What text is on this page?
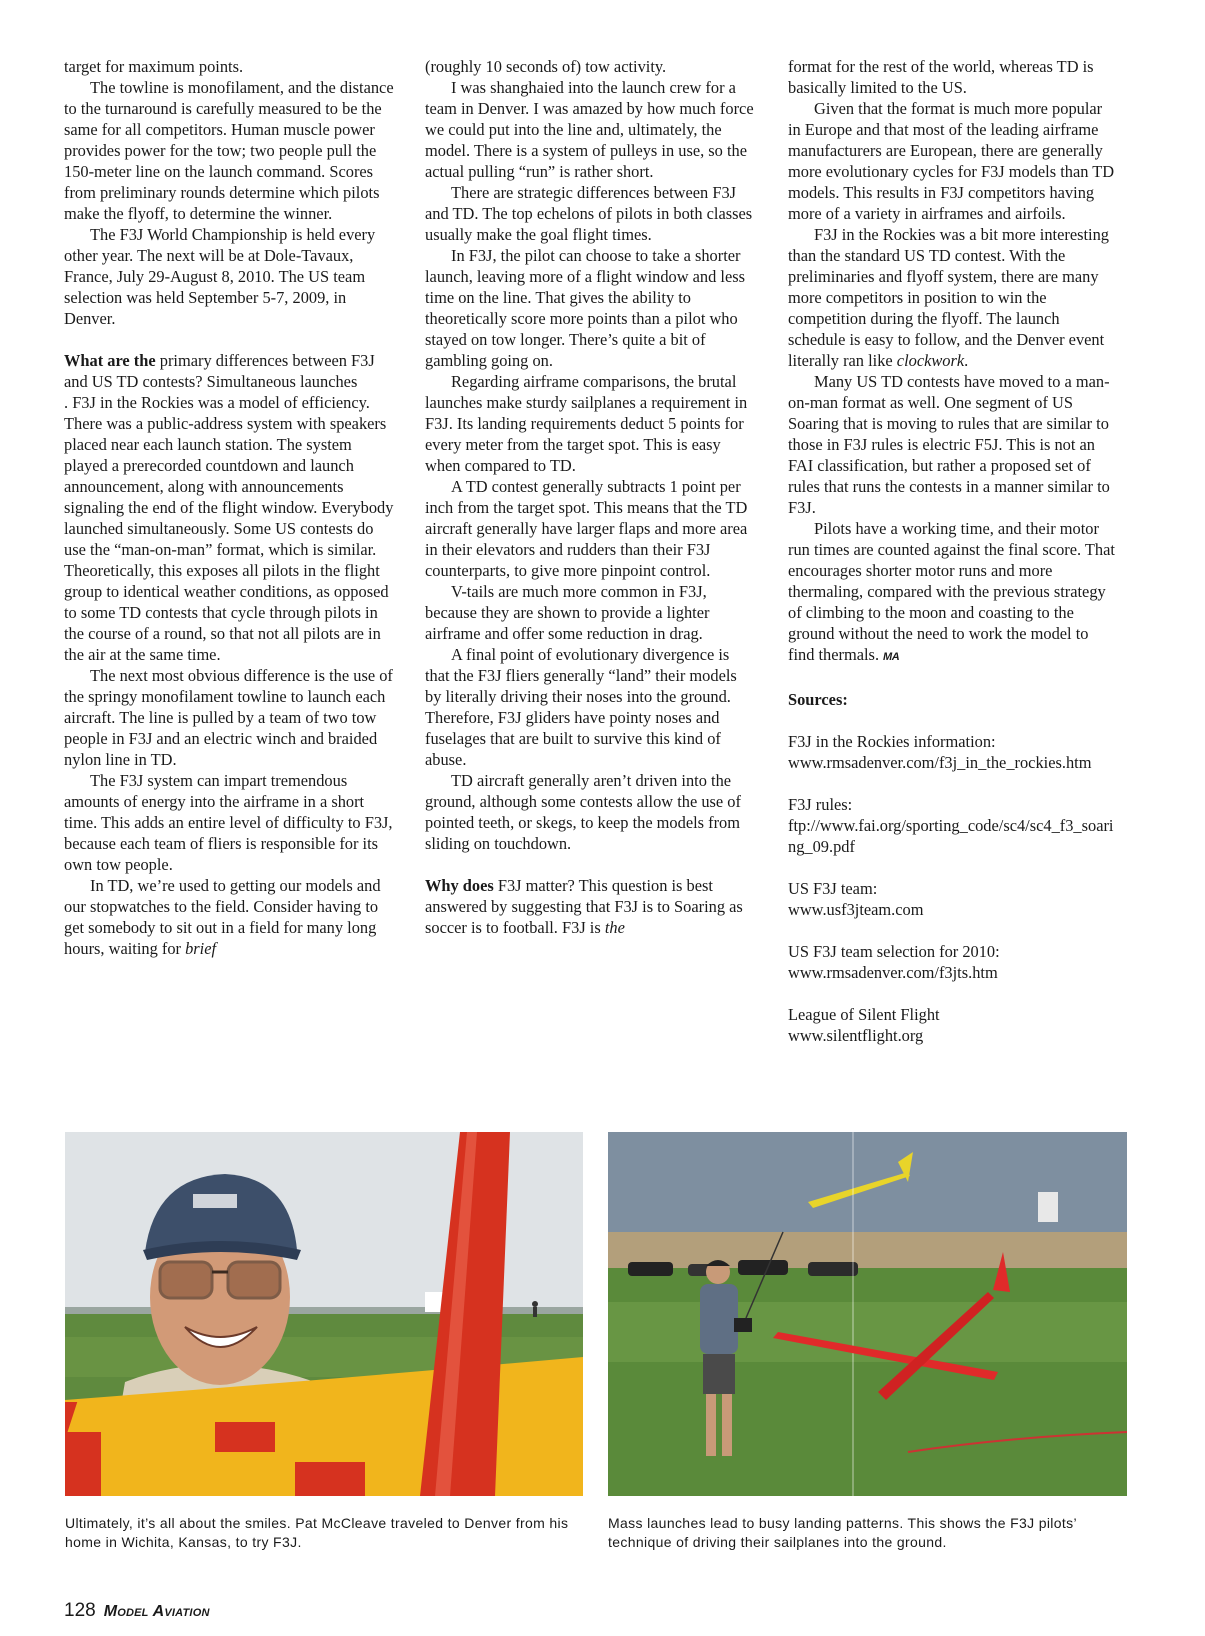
target for maximum points.

The towline is monofilament, and the distance to the turnaround is carefully measured to be the same for all competitors. Human muscle power provides power for the tow; two people pull the 150-meter line on the launch command. Scores from preliminary rounds determine which pilots make the flyoff, to determine the winner.

The F3J World Championship is held every other year. The next will be at Dole-Tavaux, France, July 29-August 8, 2010. The US team selection was held September 5-7, 2009, in Denver.

What are the primary differences between F3J and US TD contests? Simultaneous launches

. F3J in the Rockies was a model of efficiency. There was a public-address system with speakers placed near each launch station. The system played a prerecorded countdown and launch announcement, along with announcements signaling the end of the flight window. Everybody launched simultaneously. Some US contests do use the “man-on-man” format, which is similar. Theoretically, this exposes all pilots in the flight group to identical weather conditions, as opposed to some TD contests that cycle through pilots in the course of a round, so that not all pilots are in the air at the same time.

The next most obvious difference is the use of the springy monofilament towline to launch each aircraft. The line is pulled by a team of two tow people in F3J and an electric winch and braided nylon line in TD.

The F3J system can impart tremendous amounts of energy into the airframe in a short time. This adds an entire level of difficulty to F3J, because each team of fliers is responsible for its own tow people.

In TD, we’re used to getting our models and our stopwatches to the field. Consider having to get somebody to sit out in a field for many long hours, waiting for brief

(roughly 10 seconds of) tow activity.

I was shanghaied into the launch crew for a team in Denver. I was amazed by how much force we could put into the line and, ultimately, the model. There is a system of pulleys in use, so the actual pulling “run” is rather short.

There are strategic differences between F3J and TD. The top echelons of pilots in both classes usually make the goal flight times.

In F3J, the pilot can choose to take a shorter launch, leaving more of a flight window and less time on the line. That gives the ability to theoretically score more points than a pilot who stayed on tow longer. There’s quite a bit of gambling going on.

Regarding airframe comparisons, the brutal launches make sturdy sailplanes a requirement in F3J. Its landing requirements deduct 5 points for every meter from the target spot. This is easy when compared to TD.

A TD contest generally subtracts 1 point per inch from the target spot. This means that the TD aircraft generally have larger flaps and more area in their elevators and rudders than their F3J counterparts, to give more pinpoint control.

V-tails are much more common in F3J, because they are shown to provide a lighter airframe and offer some reduction in drag.

A final point of evolutionary divergence is that the F3J fliers generally “land” their models by literally driving their noses into the ground. Therefore, F3J gliders have pointy noses and fuselages that are built to survive this kind of abuse.

TD aircraft generally aren’t driven into the ground, although some contests allow the use of pointed teeth, or skegs, to keep the models from sliding on touchdown.

Why does F3J matter? This question is best answered by suggesting that F3J is to Soaring as soccer is to football. F3J is the

format for the rest of the world, whereas TD is basically limited to the US.

Given that the format is much more popular in Europe and that most of the leading airframe manufacturers are European, there are generally more evolutionary cycles for F3J models than TD models. This results in F3J competitors having more of a variety in airframes and airfoils.

F3J in the Rockies was a bit more interesting than the standard US TD contest. With the preliminaries and flyoff system, there are many more competitors in position to win the competition during the flyoff. The launch schedule is easy to follow, and the Denver event literally ran like clockwork.

Many US TD contests have moved to a man-on-man format as well. One segment of US Soaring that is moving to rules that are similar to those in F3J rules is electric F5J. This is not an FAI classification, but rather a proposed set of rules that runs the contests in a manner similar to F3J.

Pilots have a working time, and their motor run times are counted against the final score. That encourages shorter motor runs and more thermaling, compared with the previous strategy of climbing to the moon and coasting to the ground without the need to work the model to find thermals. MA

Sources:

F3J in the Rockies information:

www.rmsadenver.com/f3j_in_the_rockies.htm

F3J rules:

ftp://www.fai.org/sporting_code/sc4/sc4_f3_soaring_09.pdf

US F3J team:

www.usf3jteam.com

US F3J team selection for 2010:

www.rmsadenver.com/f3jts.htm

League of Silent Flight

www.silentflight.org

Ultimately, it’s all about the smiles. Pat McCleave traveled to Denver from his home in Wichita, Kansas, to try F3J.
Mass launches lead to busy landing patterns. This shows the F3J pilots’ technique of driving their sailplanes into the ground.
128 Model Aviation
